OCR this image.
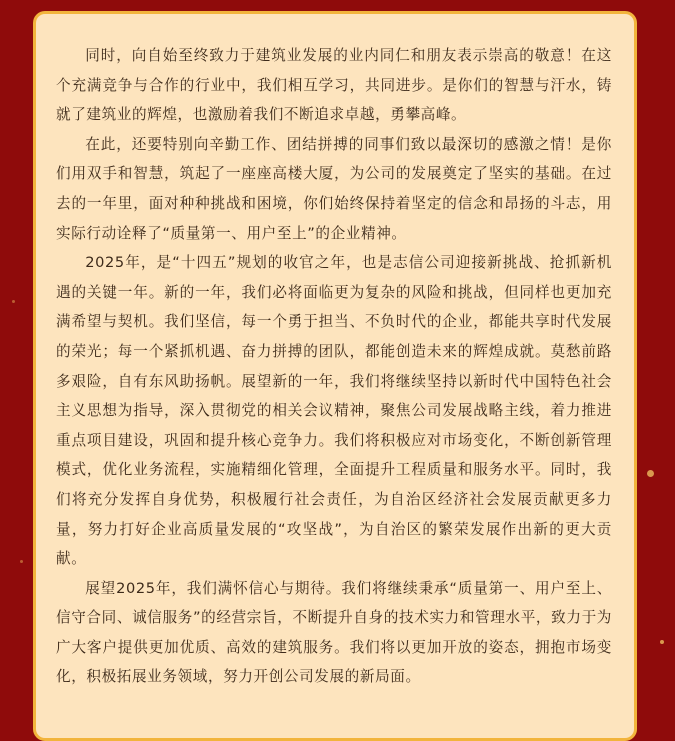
同时，向自始至终致力于建筑业发展的业内同仁和朋友表示崇高的敬意！在这个充满竞争与合作的行业中，我们相互学习，共同进步。是你们的智慧与汗水，铸就了建筑业的辉煌，也激励着我们不断追求卓越，勇攀高峰。

在此，还要特别向辛勤工作、团结拼搏的同事们致以最深切的感激之情！是你们用双手和智慧，筑起了一座座高楼大厦，为公司的发展奠定了坚实的基础。在过去的一年里，面对种种挑战和困境，你们始终保持着坚定的信念和昂扬的斗志，用实际行动诠释了“质量第一、用户至上”的企业精神。

2025年，是“十四五”规划的收官之年，也是志信公司迎接新挑战、抢抓新机遇的关键一年。新的一年，我们必将面临更为复杂的风险和挑战，但同样也更加充满希望与契机。我们坚信，每一个勇于担当、不负时代的企业，都能共享时代发展的荣光；每一个紧抓机遇、奋力拼搏的团队，都能创造未来的辉煌成就。莫愁前路多艰险，自有东风助扬帆。展望新的一年，我们将继续坚持以新时代中国特色社会主义思想为指导，深入贯彻党的相关会议精神，聚焦公司发展战略主线，着力推进重点项目建设，巩固和提升核心竞争力。我们将积极应对市场变化，不断创新管理模式，优化业务流程，实施精细化管理，全面提升工程质量和服务水平。同时，我们将充分发挥自身优势，积极履行社会责任，为自治区经济社会发展贡献更多力量，努力打好企业高质量发展的“攻坚战”，为自治区的繁荣发展作出新的更大贡献。

展望2025年，我们满怀信心与期待。我们将继续秉承“质量第一、用户至上、信守合同、诚信服务”的经营宗旨，不断提升自身的技术实力和管理水平，致力于为广大客户提供更加优质、高效的建筑服务。我们将以更加开放的姿态，拥抱市场变化，积极拓展业务领域，努力开创公司发展的新局面。
